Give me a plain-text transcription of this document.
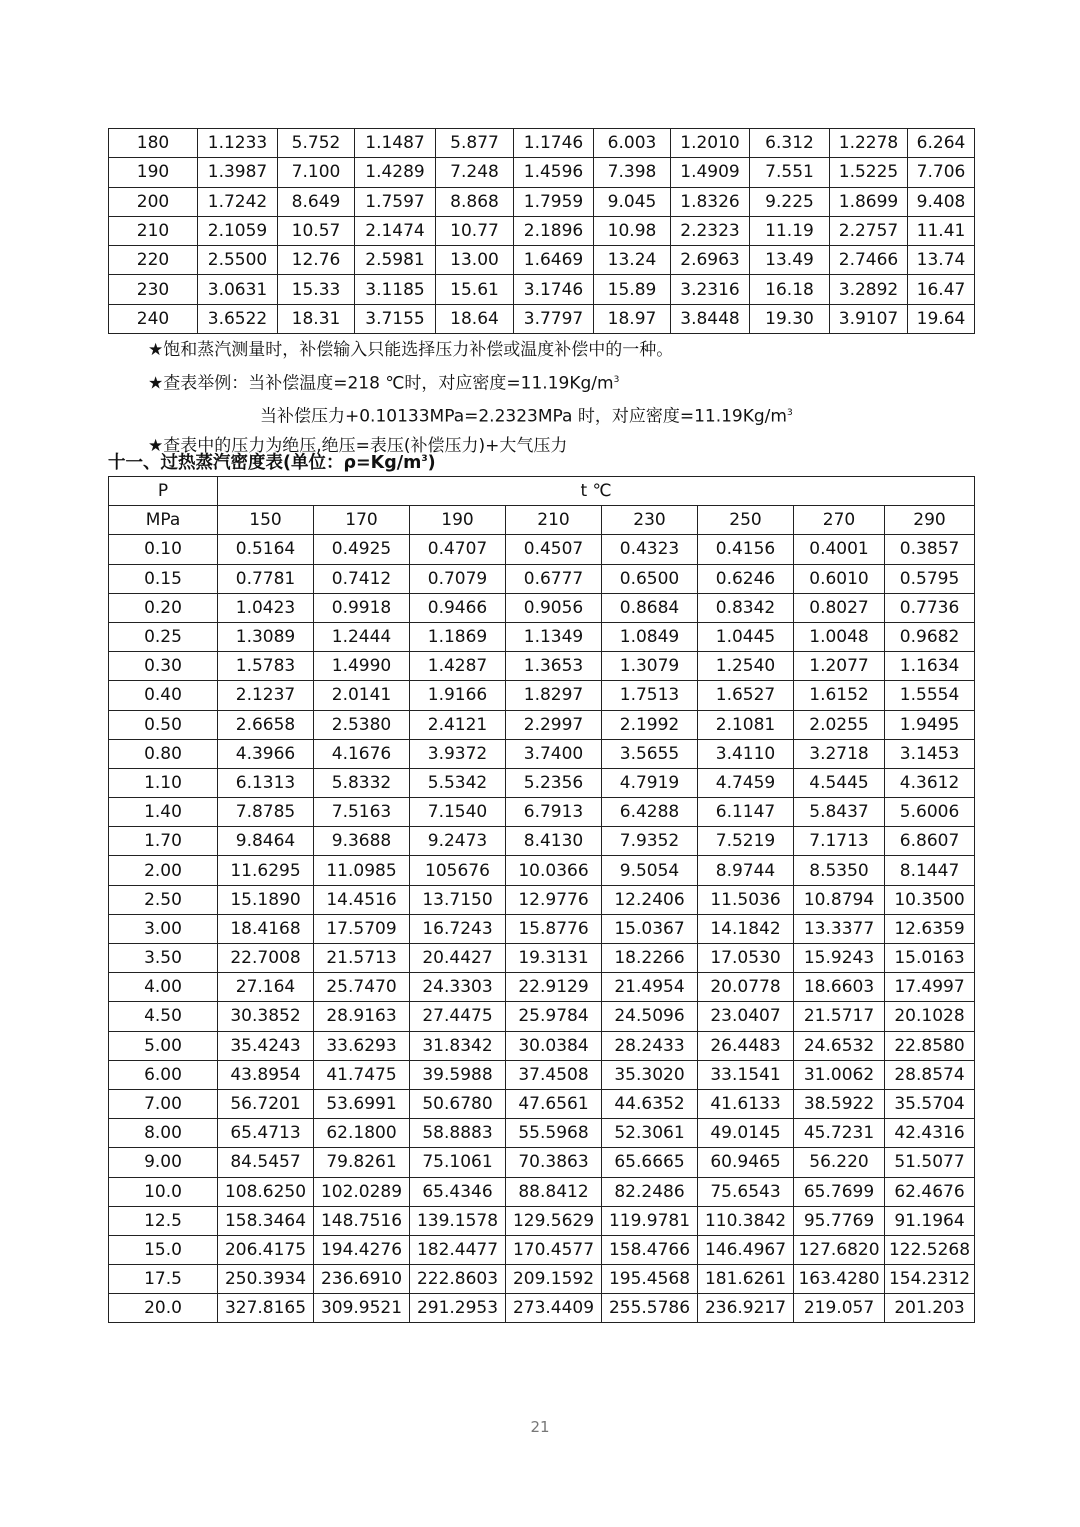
180	1.1233	5.752	1.1487	5.877	1.1746	6.003	1.2010	6.312	1.2278	6.264
190	1.3987	7.100	1.4289	7.248	1.4596	7.398	1.4909	7.551	1.5225	7.706
200	1.7242	8.649	1.7597	8.868	1.7959	9.045	1.8326	9.225	1.8699	9.408
210	2.1059	10.57	2.1474	10.77	2.1896	10.98	2.2323	11.19	2.2757	11.41
220	2.5500	12.76	2.5981	13.00	1.6469	13.24	2.6963	13.49	2.7466	13.74
230	3.0631	15.33	3.1185	15.61	3.1746	15.89	3.2316	16.18	3.2892	16.47
240	3.6522	18.31	3.7155	18.64	3.7797	18.97	3.8448	19.30	3.9107	19.64
★饱和蒸汽测量时，补偿输入只能选择压力补偿或温度补偿中的一种。
★查表举例：当补偿温度=218 ℃时，对应密度$=11.19Kg/m^3$
当补偿压力+0.10133MPa=2.2323MPa 时，对应密度$=11.19Kg/m^3$
★查表中的压力为绝压,绝压=表压(补偿压力)+大气压力
十一、过热蒸汽密度表(单位：$\rho=Kg/m^3$)
P	t ℃							
MPa	150	170	190	210	230	250	270	290
0.10	0.5164	0.4925	0.4707	0.4507	0.4323	0.4156	0.4001	0.3857
0.15	0.7781	0.7412	0.7079	0.6777	0.6500	0.6246	0.6010	0.5795
0.20	1.0423	0.9918	0.9466	0.9056	0.8684	0.8342	0.8027	0.7736
0.25	1.3089	1.2444	1.1869	1.1349	1.0849	1.0445	1.0048	0.9682
0.30	1.5783	1.4990	1.4287	1.3653	1.3079	1.2540	1.2077	1.1634
0.40	2.1237	2.0141	1.9166	1.8297	1.7513	1.6527	1.6152	1.5554
0.50	2.6658	2.5380	2.4121	2.2997	2.1992	2.1081	2.0255	1.9495
0.80	4.3966	4.1676	3.9372	3.7400	3.5655	3.4110	3.2718	3.1453
1.10	6.1313	5.8332	5.5342	5.2356	4.7919	4.7459	4.5445	4.3612
1.40	7.8785	7.5163	7.1540	6.7913	6.4288	6.1147	5.8437	5.6006
1.70	9.8464	9.3688	9.2473	8.4130	7.9352	7.5219	7.1713	6.8607
2.00	11.6295	11.0985	105676	10.0366	9.5054	8.9744	8.5350	8.1447
2.50	15.1890	14.4516	13.7150	12.9776	12.2406	11.5036	10.8794	10.3500
3.00	18.4168	17.5709	16.7243	15.8776	15.0367	14.1842	13.3377	12.6359
3.50	22.7008	21.5713	20.4427	19.3131	18.2266	17.0530	15.9243	15.0163
4.00	27.164	25.7470	24.3303	22.9129	21.4954	20.0778	18.6603	17.4997
4.50	30.3852	28.9163	27.4475	25.9784	24.5096	23.0407	21.5717	20.1028
5.00	35.4243	33.6293	31.8342	30.0384	28.2433	26.4483	24.6532	22.8580
6.00	43.8954	41.7475	39.5988	37.4508	35.3020	33.1541	31.0062	28.8574
7.00	56.7201	53.6991	50.6780	47.6561	44.6352	41.6133	38.5922	35.5704
8.00	65.4713	62.1800	58.8883	55.5968	52.3061	49.0145	45.7231	42.4316
9.00	84.5457	79.8261	75.1061	70.3863	65.6665	60.9465	56.220	51.5077
10.0	108.6250	102.0289	65.4346	88.8412	82.2486	75.6543	65.7699	62.4676
12.5	158.3464	148.7516	139.1578	129.5629	119.9781	110.3842	95.7769	91.1964
15.0	206.4175	194.4276	182.4477	170.4577	158.4766	146.4967	127.6820	122.5268
17.5	250.3934	236.6910	222.8603	209.1592	195.4568	181.6261	163.4280	154.2312
20.0	327.8165	309.9521	291.2953	273.4409	255.5786	236.9217	219.057	201.203
21
